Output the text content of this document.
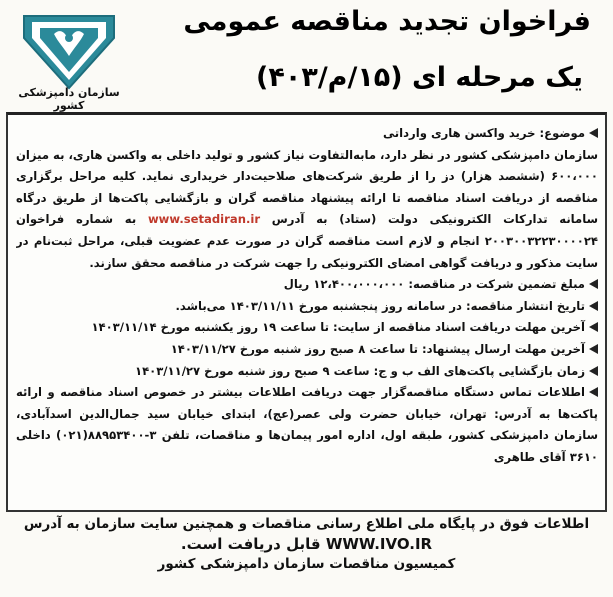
سازمان دامپزشکی کشور
فراخوان تجدید مناقصه عمومی
یک مرحله ای (۱۵/م/۴۰۳)

موضوع: خرید واکسن هاری وارداتی

سازمان دامپزشکی کشور در نظر دارد، مابه‌التفاوت نیاز کشور و تولید داخلی به واکسن هاری، به میزان ۶۰۰،۰۰۰ (ششصد هزار) دز را از طریق شرکت‌های صلاحیت‌دار خریداری نماید. کلیه مراحل برگزاری مناقصه از دریافت اسناد مناقصه تا ارائه پیشنهاد مناقصه گران و بازگشایی پاکت‌ها از طریق درگاه سامانه تدارکات الکترونیکی دولت (ستاد) به آدرس www.setadiran.ir به شماره فراخوان ۲۰۰۳۰۰۳۲۲۳۰۰۰۰۲۴ انجام و لازم است مناقصه گران در صورت عدم عضویت قبلی، مراحل ثبت‌نام در سایت مذکور و دریافت گواهی امضای الکترونیکی را جهت شرکت در مناقصه محقق سازند.

مبلغ تضمین شرکت در مناقصه: ۱۲،۴۰۰،۰۰۰،۰۰۰ ریال

تاریخ انتشار مناقصه: در سامانه روز پنجشنبه مورخ ۱۴۰۳/۱۱/۱۱ می‌باشد.

آخرین مهلت دریافت اسناد مناقصه از سایت: تا ساعت ۱۹ روز یکشنبه مورخ ۱۴۰۳/۱۱/۱۴

آخرین مهلت ارسال پیشنهاد: تا ساعت ۸ صبح روز شنبه مورخ ۱۴۰۳/۱۱/۲۷

زمان بازگشایی پاکت‌های الف ب و ج: ساعت ۹ صبح روز شنبه مورخ ۱۴۰۳/۱۱/۲۷

اطلاعات تماس دستگاه مناقصه‌گزار جهت دریافت اطلاعات بیشتر در خصوص اسناد مناقصه و ارائه پاکت‌ها به آدرس: تهران، خیابان حضرت ولی عصر(عج)، ابتدای خیابان سید جمال‌الدین اسدآبادی، سازمان دامپزشکی کشور، طبقه اول، اداره امور پیمان‌ها و مناقصات، تلفن ۳-۸۸۹۵۳۴۰۰(۰۲۱) داخلی ۳۶۱۰ آقای طاهری

اطلاعات فوق در پایگاه ملی اطلاع رسانی مناقصات و همچنین سایت سازمان به آدرس
WWW.IVO.IR قابل دریافت است.
کمیسیون مناقصات سازمان دامپزشکی کشور
